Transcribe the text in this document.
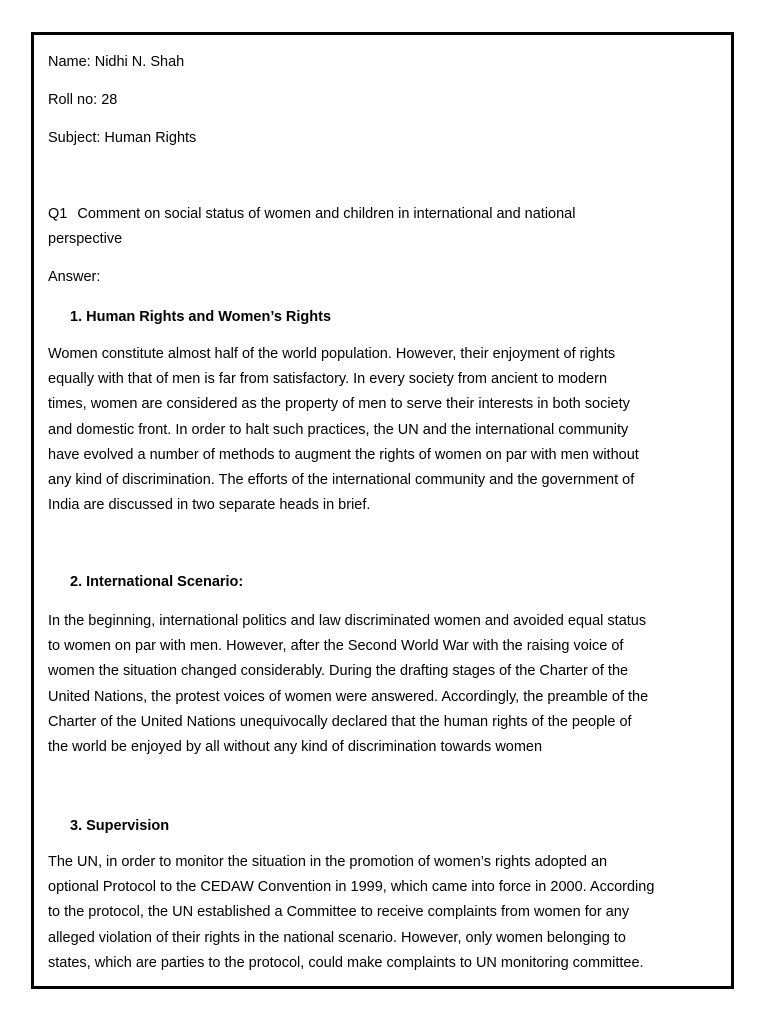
Name: Nidhi N. Shah
Roll no: 28
Subject: Human Rights
Q1 Comment on social status of women and children in international and national
perspective
Answer:
1. Human Rights and Women’s Rights
Women constitute almost half of the world population. However, their enjoyment of rights
equally with that of men is far from satisfactory. In every society from ancient to modern
times, women are considered as the property of men to serve their interests in both society
and domestic front. In order to halt such practices, the UN and the international community
have evolved a number of methods to augment the rights of women on par with men without
any kind of discrimination. The efforts of the international community and the government of
India are discussed in two separate heads in brief.
2. International Scenario:
In the beginning, international politics and law discriminated women and avoided equal status
to women on par with men. However, after the Second World War with the raising voice of
women the situation changed considerably. During the drafting stages of the Charter of the
United Nations, the protest voices of women were answered. Accordingly, the preamble of the
Charter of the United Nations unequivocally declared that the human rights of the people of
the world be enjoyed by all without any kind of discrimination towards women
3. Supervision
The UN, in order to monitor the situation in the promotion of women’s rights adopted an
optional Protocol to the CEDAW Convention in 1999, which came into force in 2000. According
to the protocol, the UN established a Committee to receive complaints from women for any
alleged violation of their rights in the national scenario. However, only women belonging to
states, which are parties to the protocol, could make complaints to UN monitoring committee.
